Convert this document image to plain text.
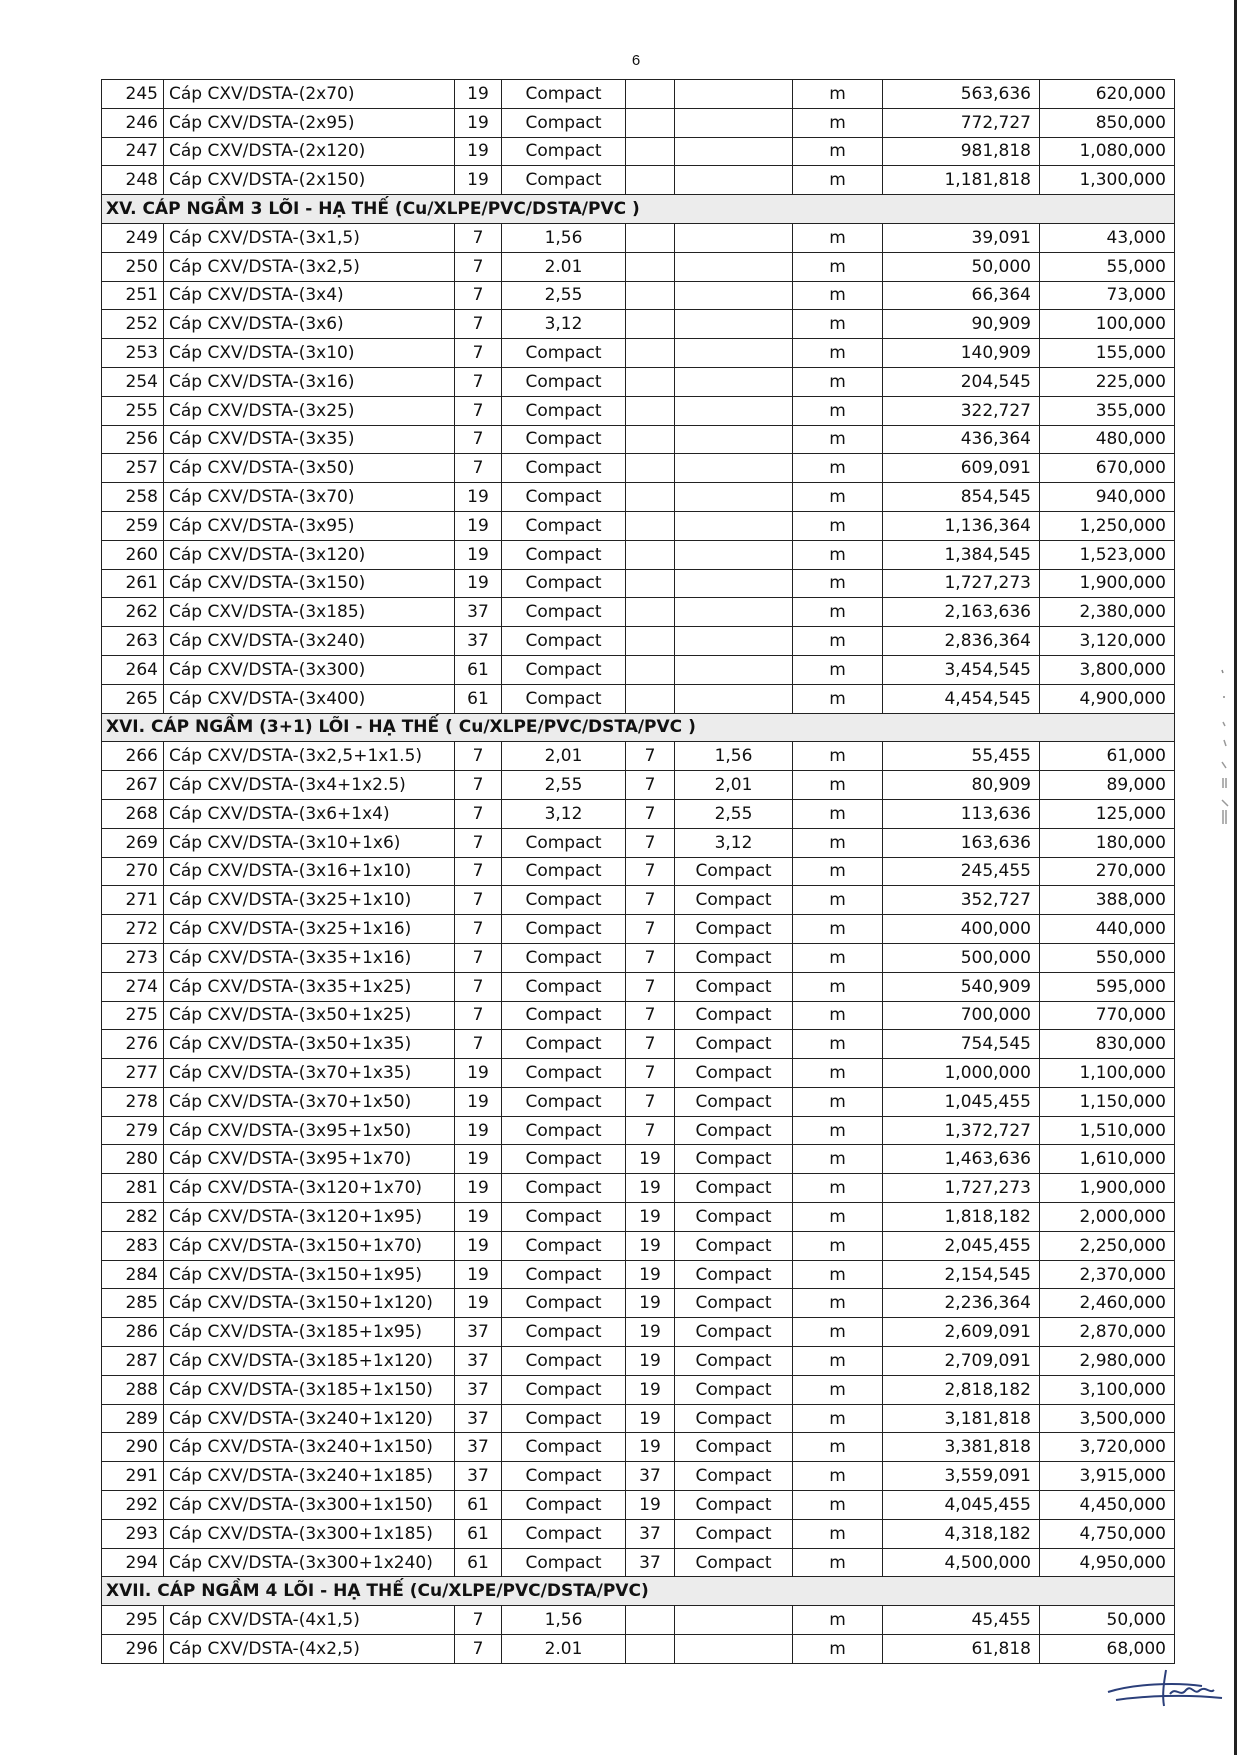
6
245	Cáp CXV/DSTA-(2x70)	19	Compact			m	563,636	620,000
246	Cáp CXV/DSTA-(2x95)	19	Compact			m	772,727	850,000
247	Cáp CXV/DSTA-(2x120)	19	Compact			m	981,818	1,080,000
248	Cáp CXV/DSTA-(2x150)	19	Compact			m	1,181,818	1,300,000
XV. CÁP NGẦM 3 LÕI - HẠ THẾ (Cu/XLPE/PVC/DSTA/PVC )								
249	Cáp CXV/DSTA-(3x1,5)	7	1,56			m	39,091	43,000
250	Cáp CXV/DSTA-(3x2,5)	7	2.01			m	50,000	55,000
251	Cáp CXV/DSTA-(3x4)	7	2,55			m	66,364	73,000
252	Cáp CXV/DSTA-(3x6)	7	3,12			m	90,909	100,000
253	Cáp CXV/DSTA-(3x10)	7	Compact			m	140,909	155,000
254	Cáp CXV/DSTA-(3x16)	7	Compact			m	204,545	225,000
255	Cáp CXV/DSTA-(3x25)	7	Compact			m	322,727	355,000
256	Cáp CXV/DSTA-(3x35)	7	Compact			m	436,364	480,000
257	Cáp CXV/DSTA-(3x50)	7	Compact			m	609,091	670,000
258	Cáp CXV/DSTA-(3x70)	19	Compact			m	854,545	940,000
259	Cáp CXV/DSTA-(3x95)	19	Compact			m	1,136,364	1,250,000
260	Cáp CXV/DSTA-(3x120)	19	Compact			m	1,384,545	1,523,000
261	Cáp CXV/DSTA-(3x150)	19	Compact			m	1,727,273	1,900,000
262	Cáp CXV/DSTA-(3x185)	37	Compact			m	2,163,636	2,380,000
263	Cáp CXV/DSTA-(3x240)	37	Compact			m	2,836,364	3,120,000
264	Cáp CXV/DSTA-(3x300)	61	Compact			m	3,454,545	3,800,000
265	Cáp CXV/DSTA-(3x400)	61	Compact			m	4,454,545	4,900,000
XVI. CÁP NGẦM (3+1) LÕI - HẠ THẾ ( Cu/XLPE/PVC/DSTA/PVC )								
266	Cáp CXV/DSTA-(3x2,5+1x1.5)	7	2,01	7	1,56	m	55,455	61,000
267	Cáp CXV/DSTA-(3x4+1x2.5)	7	2,55	7	2,01	m	80,909	89,000
268	Cáp CXV/DSTA-(3x6+1x4)	7	3,12	7	2,55	m	113,636	125,000
269	Cáp CXV/DSTA-(3x10+1x6)	7	Compact	7	3,12	m	163,636	180,000
270	Cáp CXV/DSTA-(3x16+1x10)	7	Compact	7	Compact	m	245,455	270,000
271	Cáp CXV/DSTA-(3x25+1x10)	7	Compact	7	Compact	m	352,727	388,000
272	Cáp CXV/DSTA-(3x25+1x16)	7	Compact	7	Compact	m	400,000	440,000
273	Cáp CXV/DSTA-(3x35+1x16)	7	Compact	7	Compact	m	500,000	550,000
274	Cáp CXV/DSTA-(3x35+1x25)	7	Compact	7	Compact	m	540,909	595,000
275	Cáp CXV/DSTA-(3x50+1x25)	7	Compact	7	Compact	m	700,000	770,000
276	Cáp CXV/DSTA-(3x50+1x35)	7	Compact	7	Compact	m	754,545	830,000
277	Cáp CXV/DSTA-(3x70+1x35)	19	Compact	7	Compact	m	1,000,000	1,100,000
278	Cáp CXV/DSTA-(3x70+1x50)	19	Compact	7	Compact	m	1,045,455	1,150,000
279	Cáp CXV/DSTA-(3x95+1x50)	19	Compact	7	Compact	m	1,372,727	1,510,000
280	Cáp CXV/DSTA-(3x95+1x70)	19	Compact	19	Compact	m	1,463,636	1,610,000
281	Cáp CXV/DSTA-(3x120+1x70)	19	Compact	19	Compact	m	1,727,273	1,900,000
282	Cáp CXV/DSTA-(3x120+1x95)	19	Compact	19	Compact	m	1,818,182	2,000,000
283	Cáp CXV/DSTA-(3x150+1x70)	19	Compact	19	Compact	m	2,045,455	2,250,000
284	Cáp CXV/DSTA-(3x150+1x95)	19	Compact	19	Compact	m	2,154,545	2,370,000
285	Cáp CXV/DSTA-(3x150+1x120)	19	Compact	19	Compact	m	2,236,364	2,460,000
286	Cáp CXV/DSTA-(3x185+1x95)	37	Compact	19	Compact	m	2,609,091	2,870,000
287	Cáp CXV/DSTA-(3x185+1x120)	37	Compact	19	Compact	m	2,709,091	2,980,000
288	Cáp CXV/DSTA-(3x185+1x150)	37	Compact	19	Compact	m	2,818,182	3,100,000
289	Cáp CXV/DSTA-(3x240+1x120)	37	Compact	19	Compact	m	3,181,818	3,500,000
290	Cáp CXV/DSTA-(3x240+1x150)	37	Compact	19	Compact	m	3,381,818	3,720,000
291	Cáp CXV/DSTA-(3x240+1x185)	37	Compact	37	Compact	m	3,559,091	3,915,000
292	Cáp CXV/DSTA-(3x300+1x150)	61	Compact	19	Compact	m	4,045,455	4,450,000
293	Cáp CXV/DSTA-(3x300+1x185)	61	Compact	37	Compact	m	4,318,182	4,750,000
294	Cáp CXV/DSTA-(3x300+1x240)	61	Compact	37	Compact	m	4,500,000	4,950,000
XVII. CÁP NGẦM 4 LÕI - HẠ THẾ (Cu/XLPE/PVC/DSTA/PVC)								
295	Cáp CXV/DSTA-(4x1,5)	7	1,56			m	45,455	50,000
296	Cáp CXV/DSTA-(4x2,5)	7	2.01			m	61,818	68,000
